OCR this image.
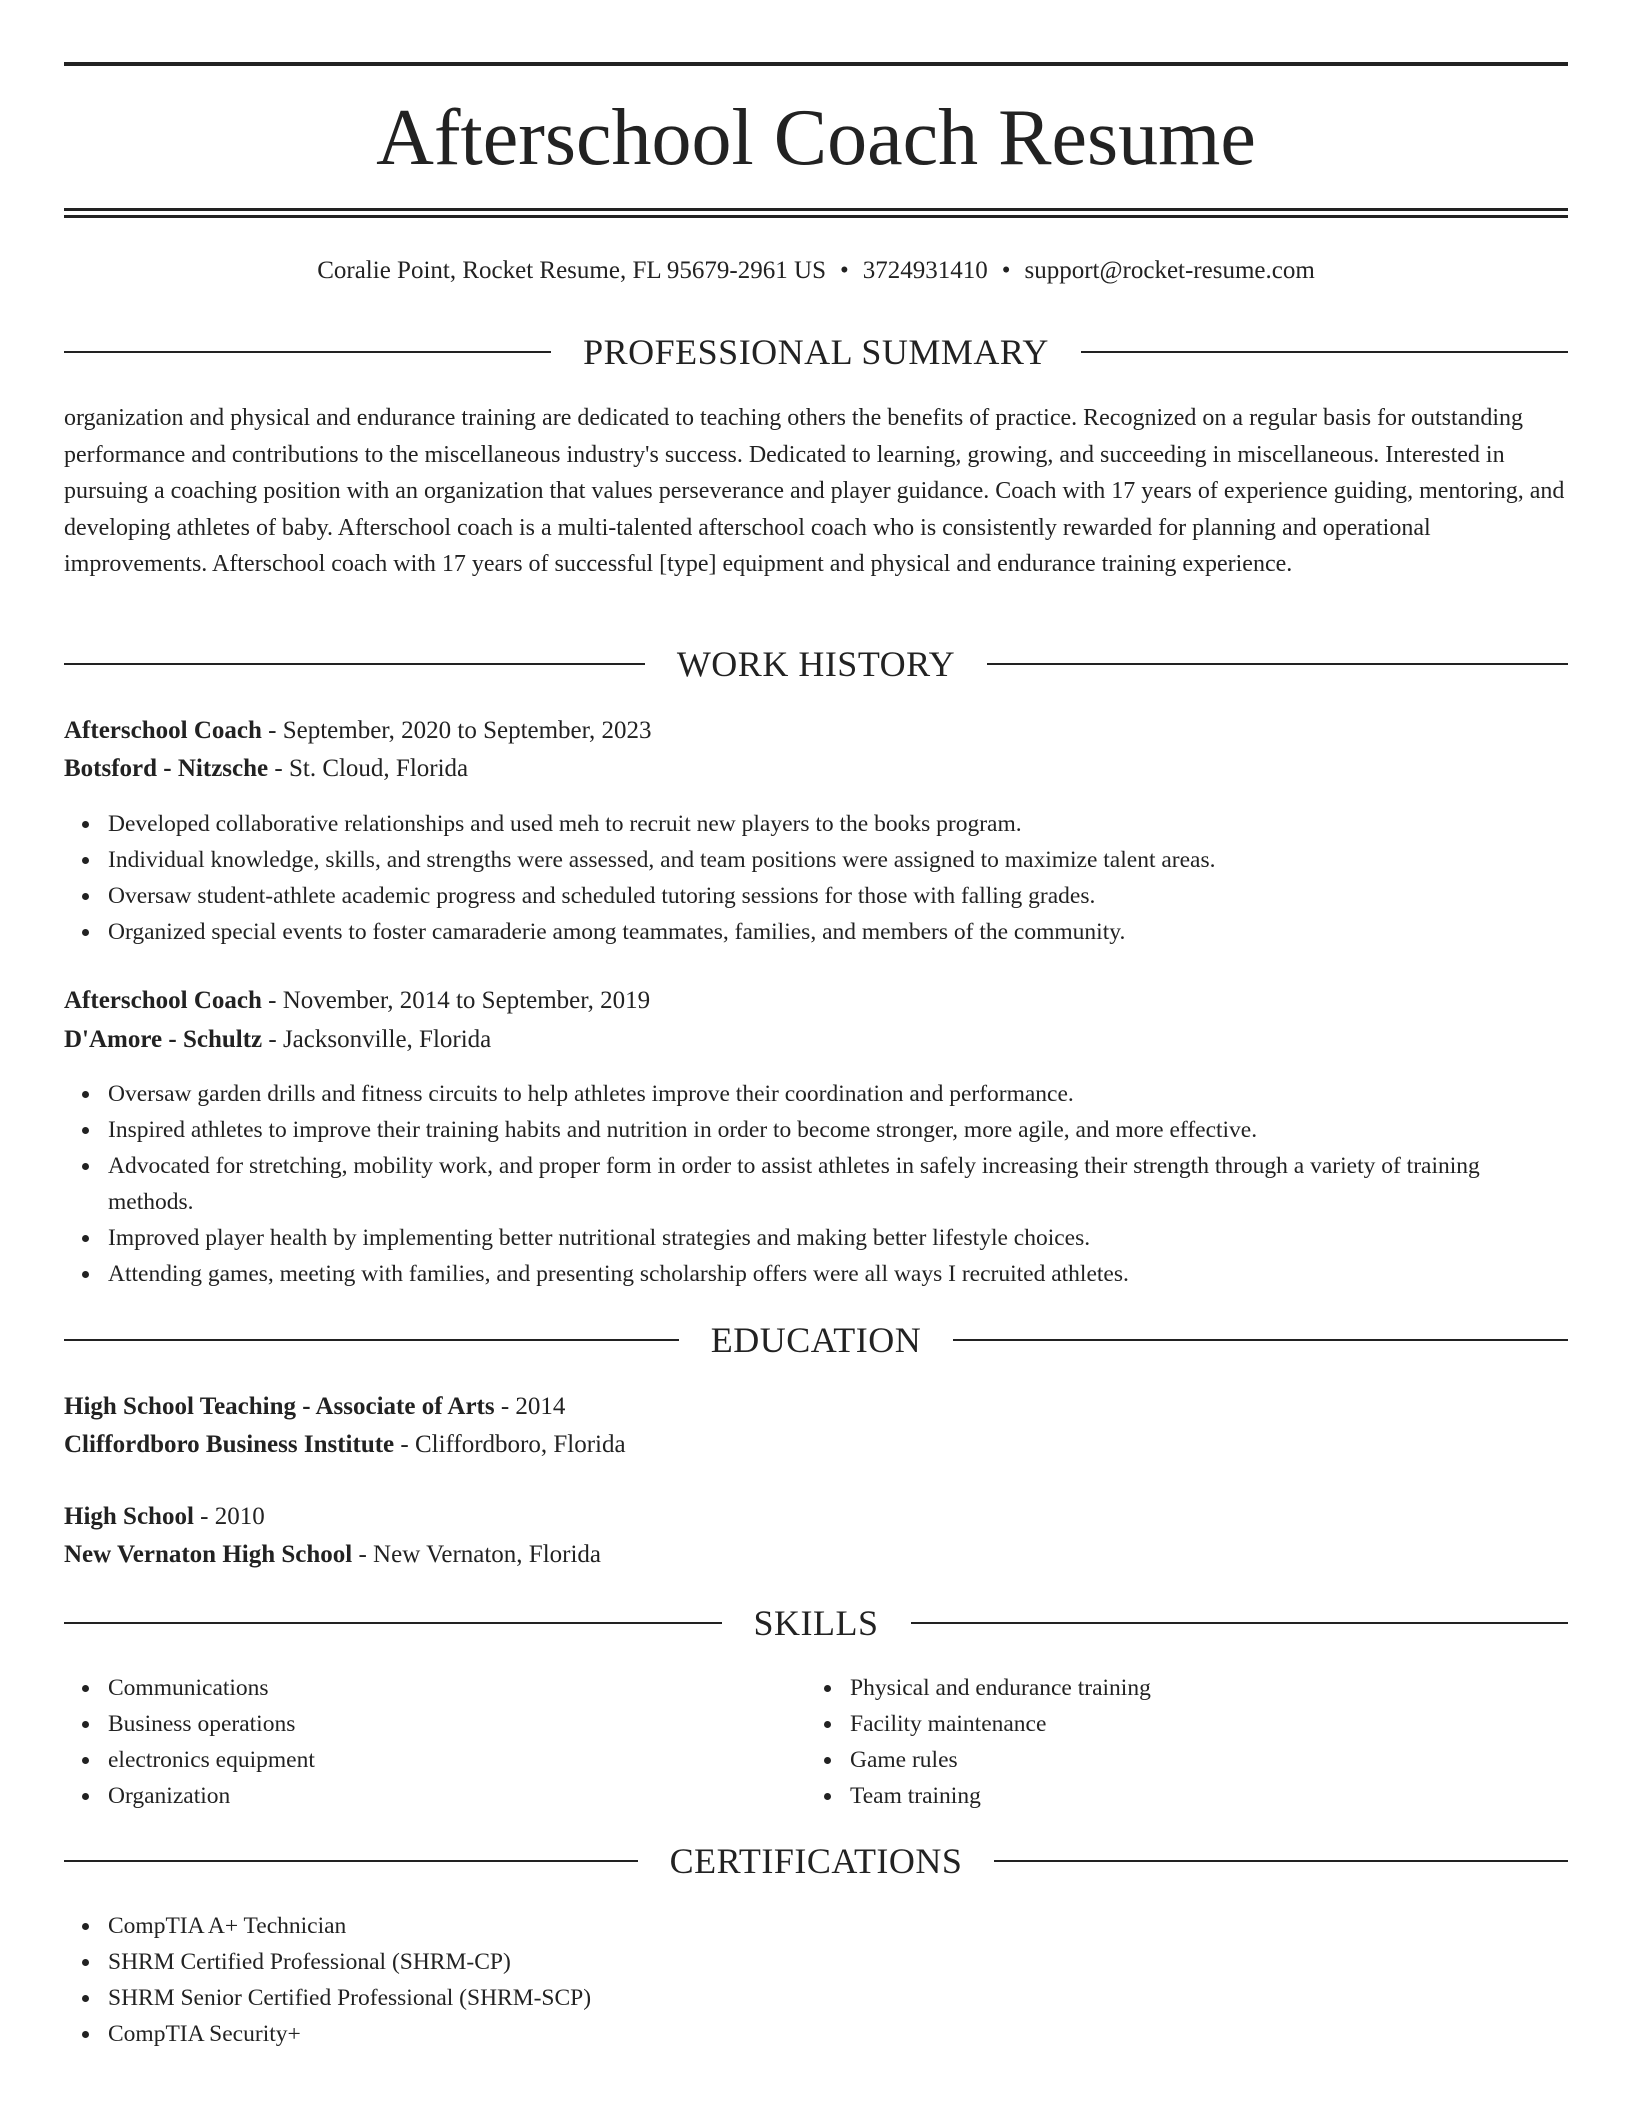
Afterschool Coach Resume
Coralie Point, Rocket Resume, FL 95679-2961 US • 3724931410 • support@rocket-resume.com
PROFESSIONAL SUMMARY

organization and physical and endurance training are dedicated to teaching others the benefits of practice. Recognized on a regular basis for outstanding performance and contributions to the miscellaneous industry's success. Dedicated to learning, growing, and succeeding in miscellaneous. Interested in pursuing a coaching position with an organization that values perseverance and player guidance. Coach with 17 years of experience guiding, mentoring, and developing athletes of baby. Afterschool coach is a multi-talented afterschool coach who is consistently rewarded for planning and operational improvements. Afterschool coach with 17 years of successful [type] equipment and physical and endurance training experience.

WORK HISTORY
Afterschool Coach - September, 2020 to September, 2023
Botsford - Nitzsche - St. Cloud, Florida
Developed collaborative relationships and used meh to recruit new players to the books program.
Individual knowledge, skills, and strengths were assessed, and team positions were assigned to maximize talent areas.
Oversaw student-athlete academic progress and scheduled tutoring sessions for those with falling grades.
Organized special events to foster camaraderie among teammates, families, and members of the community.
Afterschool Coach - November, 2014 to September, 2019
D'Amore - Schultz - Jacksonville, Florida
Oversaw garden drills and fitness circuits to help athletes improve their coordination and performance.
Inspired athletes to improve their training habits and nutrition in order to become stronger, more agile, and more effective.
Advocated for stretching, mobility work, and proper form in order to assist athletes in safely increasing their strength through a variety of training methods.
Improved player health by implementing better nutritional strategies and making better lifestyle choices.
Attending games, meeting with families, and presenting scholarship offers were all ways I recruited athletes.
EDUCATION
High School Teaching - Associate of Arts - 2014
Cliffordboro Business Institute - Cliffordboro, Florida
High School - 2010
New Vernaton High School - New Vernaton, Florida
SKILLS
Communications
Business operations
electronics equipment
Organization
Physical and endurance training
Facility maintenance
Game rules
Team training
CERTIFICATIONS
CompTIA A+ Technician
SHRM Certified Professional (SHRM-CP)
SHRM Senior Certified Professional (SHRM-SCP)
CompTIA Security+
